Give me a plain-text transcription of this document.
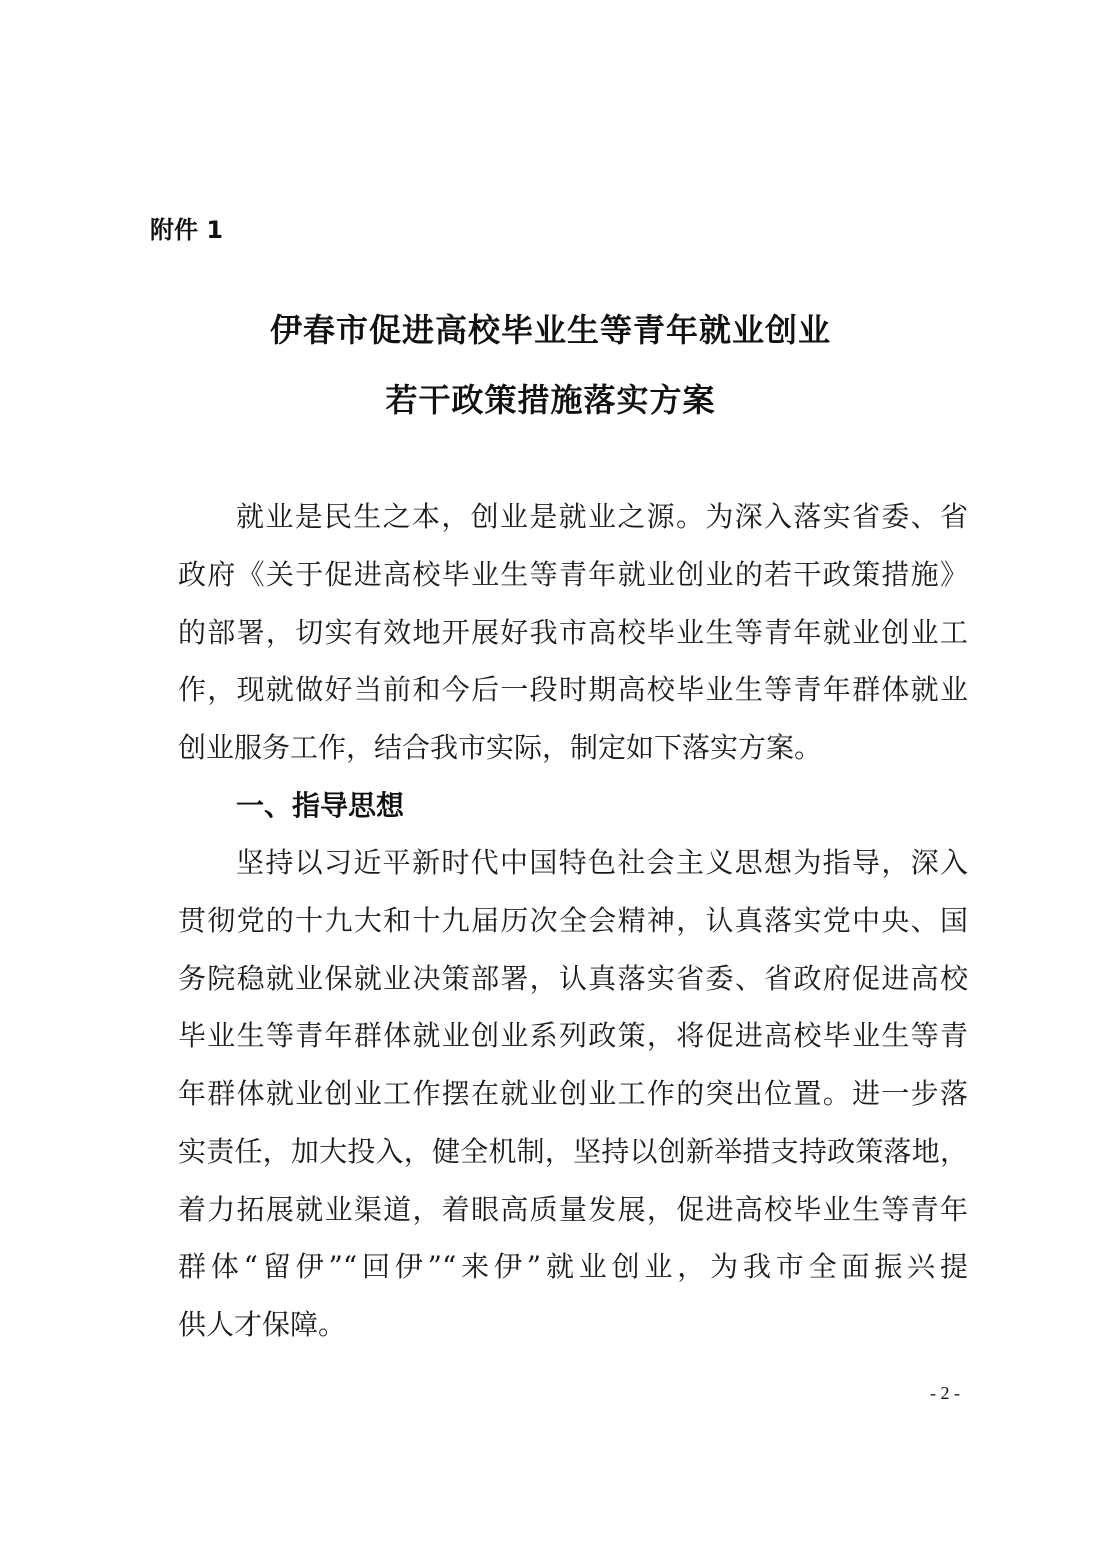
附件 1
伊春市促进高校毕业生等青年就业创业
若干政策措施落实方案
就业是民生之本，创业是就业之源。为深入落实省委、省
政府《关于促进高校毕业生等青年就业创业的若干政策措施》
的部署，切实有效地开展好我市高校毕业生等青年就业创业工
作，现就做好当前和今后一段时期高校毕业生等青年群体就业
创业服务工作，结合我市实际，制定如下落实方案。
一、指导思想
坚持以习近平新时代中国特色社会主义思想为指导，深入
贯彻党的十九大和十九届历次全会精神，认真落实党中央、国
务院稳就业保就业决策部署，认真落实省委、省政府促进高校
毕业生等青年群体就业创业系列政策，将促进高校毕业生等青
年群体就业创业工作摆在就业创业工作的突出位置。进一步落
实责任，加大投入，健全机制，坚持以创新举措支持政策落地，
着力拓展就业渠道，着眼高质量发展，促进高校毕业生等青年
群体“留伊”“回伊”“来伊”就业创业，为我市全面振兴提
供人才保障。
- 2 -
